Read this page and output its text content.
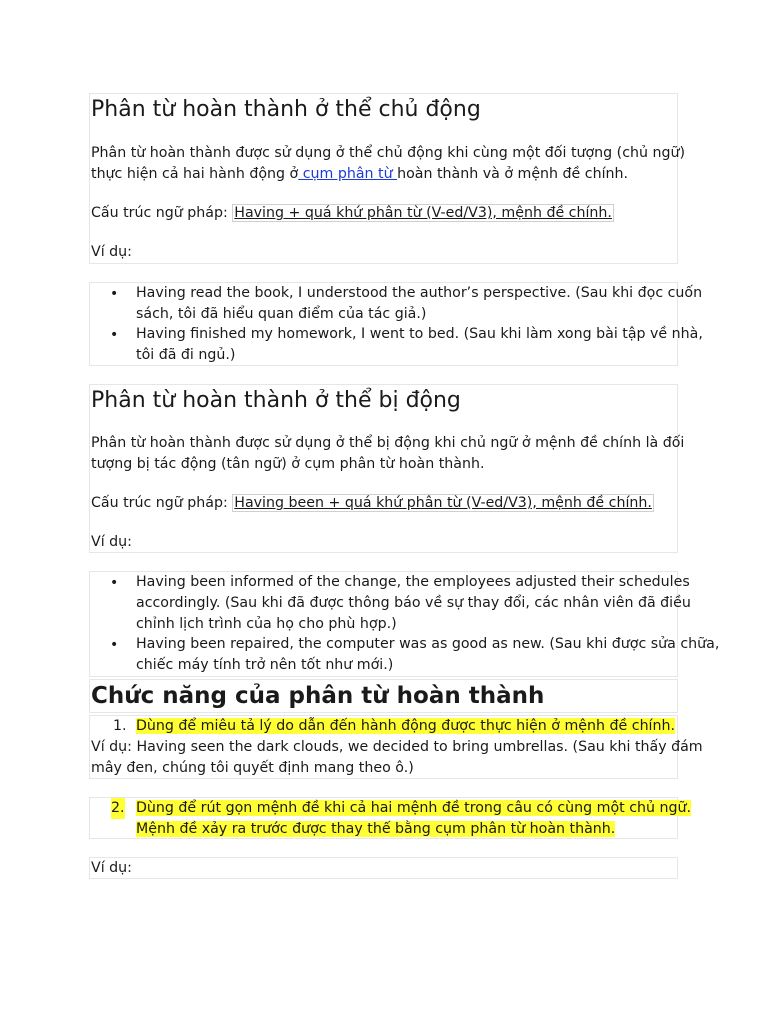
Phân từ hoàn thành ở thể chủ động
Phân từ hoàn thành được sử dụng ở thể chủ động khi cùng một đối tượng (chủ ngữ)
thực hiện cả hai hành động ở cụm phân từ hoàn thành và ở mệnh đề chính.
Cấu trúc ngữ pháp: Having + quá khứ phân từ (V-ed/V3), mệnh đề chính.
Ví dụ:
• Having read the book, I understood the author’s perspective. (Sau khi đọc cuốn
sách, tôi đã hiểu quan điểm của tác giả.)
• Having finished my homework, I went to bed. (Sau khi làm xong bài tập về nhà,
tôi đã đi ngủ.)
Phân từ hoàn thành ở thể bị động
Phân từ hoàn thành được sử dụng ở thể bị động khi chủ ngữ ở mệnh đề chính là đối
tượng bị tác động (tân ngữ) ở cụm phân từ hoàn thành.
Cấu trúc ngữ pháp: Having been + quá khứ phân từ (V-ed/V3), mệnh đề chính.
Ví dụ:
• Having been informed of the change, the employees adjusted their schedules
accordingly. (Sau khi đã được thông báo về sự thay đổi, các nhân viên đã điều
chỉnh lịch trình của họ cho phù hợp.)
• Having been repaired, the computer was as good as new. (Sau khi được sửa chữa,
chiếc máy tính trở nên tốt như mới.)
Chức năng của phân từ hoàn thành
1. Dùng để miêu tả lý do dẫn đến hành động được thực hiện ở mệnh đề chính.
Ví dụ: Having seen the dark clouds, we decided to bring umbrellas. (Sau khi thấy đám
mây đen, chúng tôi quyết định mang theo ô.)
2. Dùng để rút gọn mệnh đề khi cả hai mệnh đề trong câu có cùng một chủ ngữ.
Mệnh đề xảy ra trước được thay thế bằng cụm phân từ hoàn thành.
Ví dụ:
